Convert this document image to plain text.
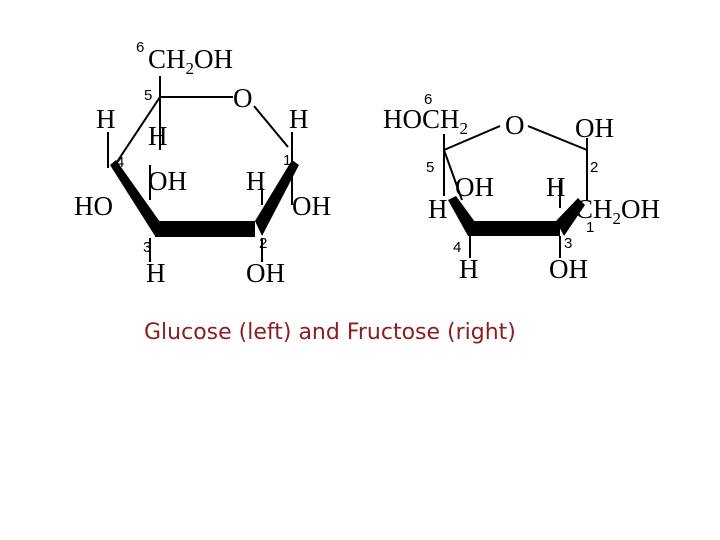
6 $CH_2OH$
O
5
H
H
4
OH
HO
H
1
H
OH
3	2
H	OH
6
$HOCH_2$ O OH
5	2
OH
H
H
$CH_2OH$
1
4	3
H	OH
Glucose (left) and Fructose (right)
